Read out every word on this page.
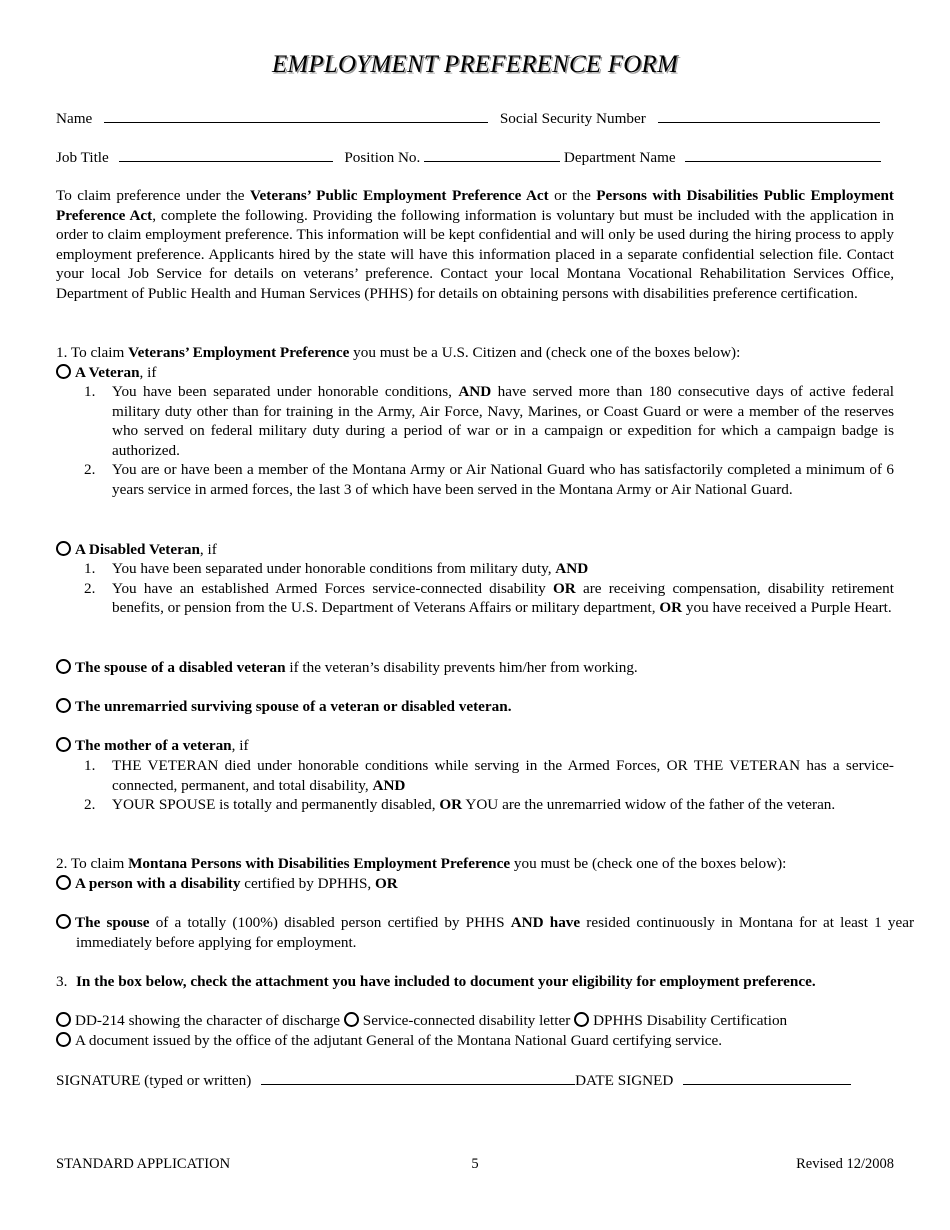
EMPLOYMENT PREFERENCE FORM
Name	Social Security Number
Job Title	Position No.	Department Name
To claim preference under the Veterans’ Public Employment Preference Act or the Persons with Disabilities Public Employment Preference Act, complete the following. Providing the following information is voluntary but must be included with the application in order to claim employment preference. This information will be kept confidential and will only be used during the hiring process to apply employment preference. Applicants hired by the state will have this information placed in a separate confidential selection file. Contact your local Job Service for details on veterans’ preference. Contact your local Montana Vocational Rehabilitation Services Office, Department of Public Health and Human Services (PHHS) for details on obtaining persons with disabilities preference certification.
1. To claim Veterans’ Employment Preference you must be a U.S. Citizen and (check one of the boxes below):
A Veteran, if
1. You have been separated under honorable conditions, AND have served more than 180 consecutive days of active federal military duty other than for training in the Army, Air Force, Navy, Marines, or Coast Guard or were a member of the reserves who served on federal military duty during a period of war or in a campaign or expedition for which a campaign badge is authorized.
2. You are or have been a member of the Montana Army or Air National Guard who has satisfactorily completed a minimum of 6 years service in armed forces, the last 3 of which have been served in the Montana Army or Air National Guard.
A Disabled Veteran, if
1. You have been separated under honorable conditions from military duty, AND
2. You have an established Armed Forces service-connected disability OR are receiving compensation, disability retirement benefits, or pension from the U.S. Department of Veterans Affairs or military department, OR you have received a Purple Heart.
The spouse of a disabled veteran if the veteran’s disability prevents him/her from working.
The unremarried surviving spouse of a veteran or disabled veteran.
The mother of a veteran, if
1. THE VETERAN died under honorable conditions while serving in the Armed Forces, OR THE VETERAN has a service-connected, permanent, and total disability, AND
2. YOUR SPOUSE is totally and permanently disabled, OR YOU are the unremarried widow of the father of the veteran.
2. To claim Montana Persons with Disabilities Employment Preference you must be (check one of the boxes below):
A person with a disability certified by DPHHS, OR
The spouse of a totally (100%) disabled person certified by PHHS AND have resided continuously in Montana for at least 1 year immediately before applying for employment.
3. In the box below, check the attachment you have included to document your eligibility for employment preference.
DD-214 showing the character of discharge Service-connected disability letter DPHHS Disability Certification
A document issued by the office of the adjutant General of the Montana National Guard certifying service.
SIGNATURE (typed or written)	DATE SIGNED
STANDARD APPLICATION	5	Revised 12/2008
